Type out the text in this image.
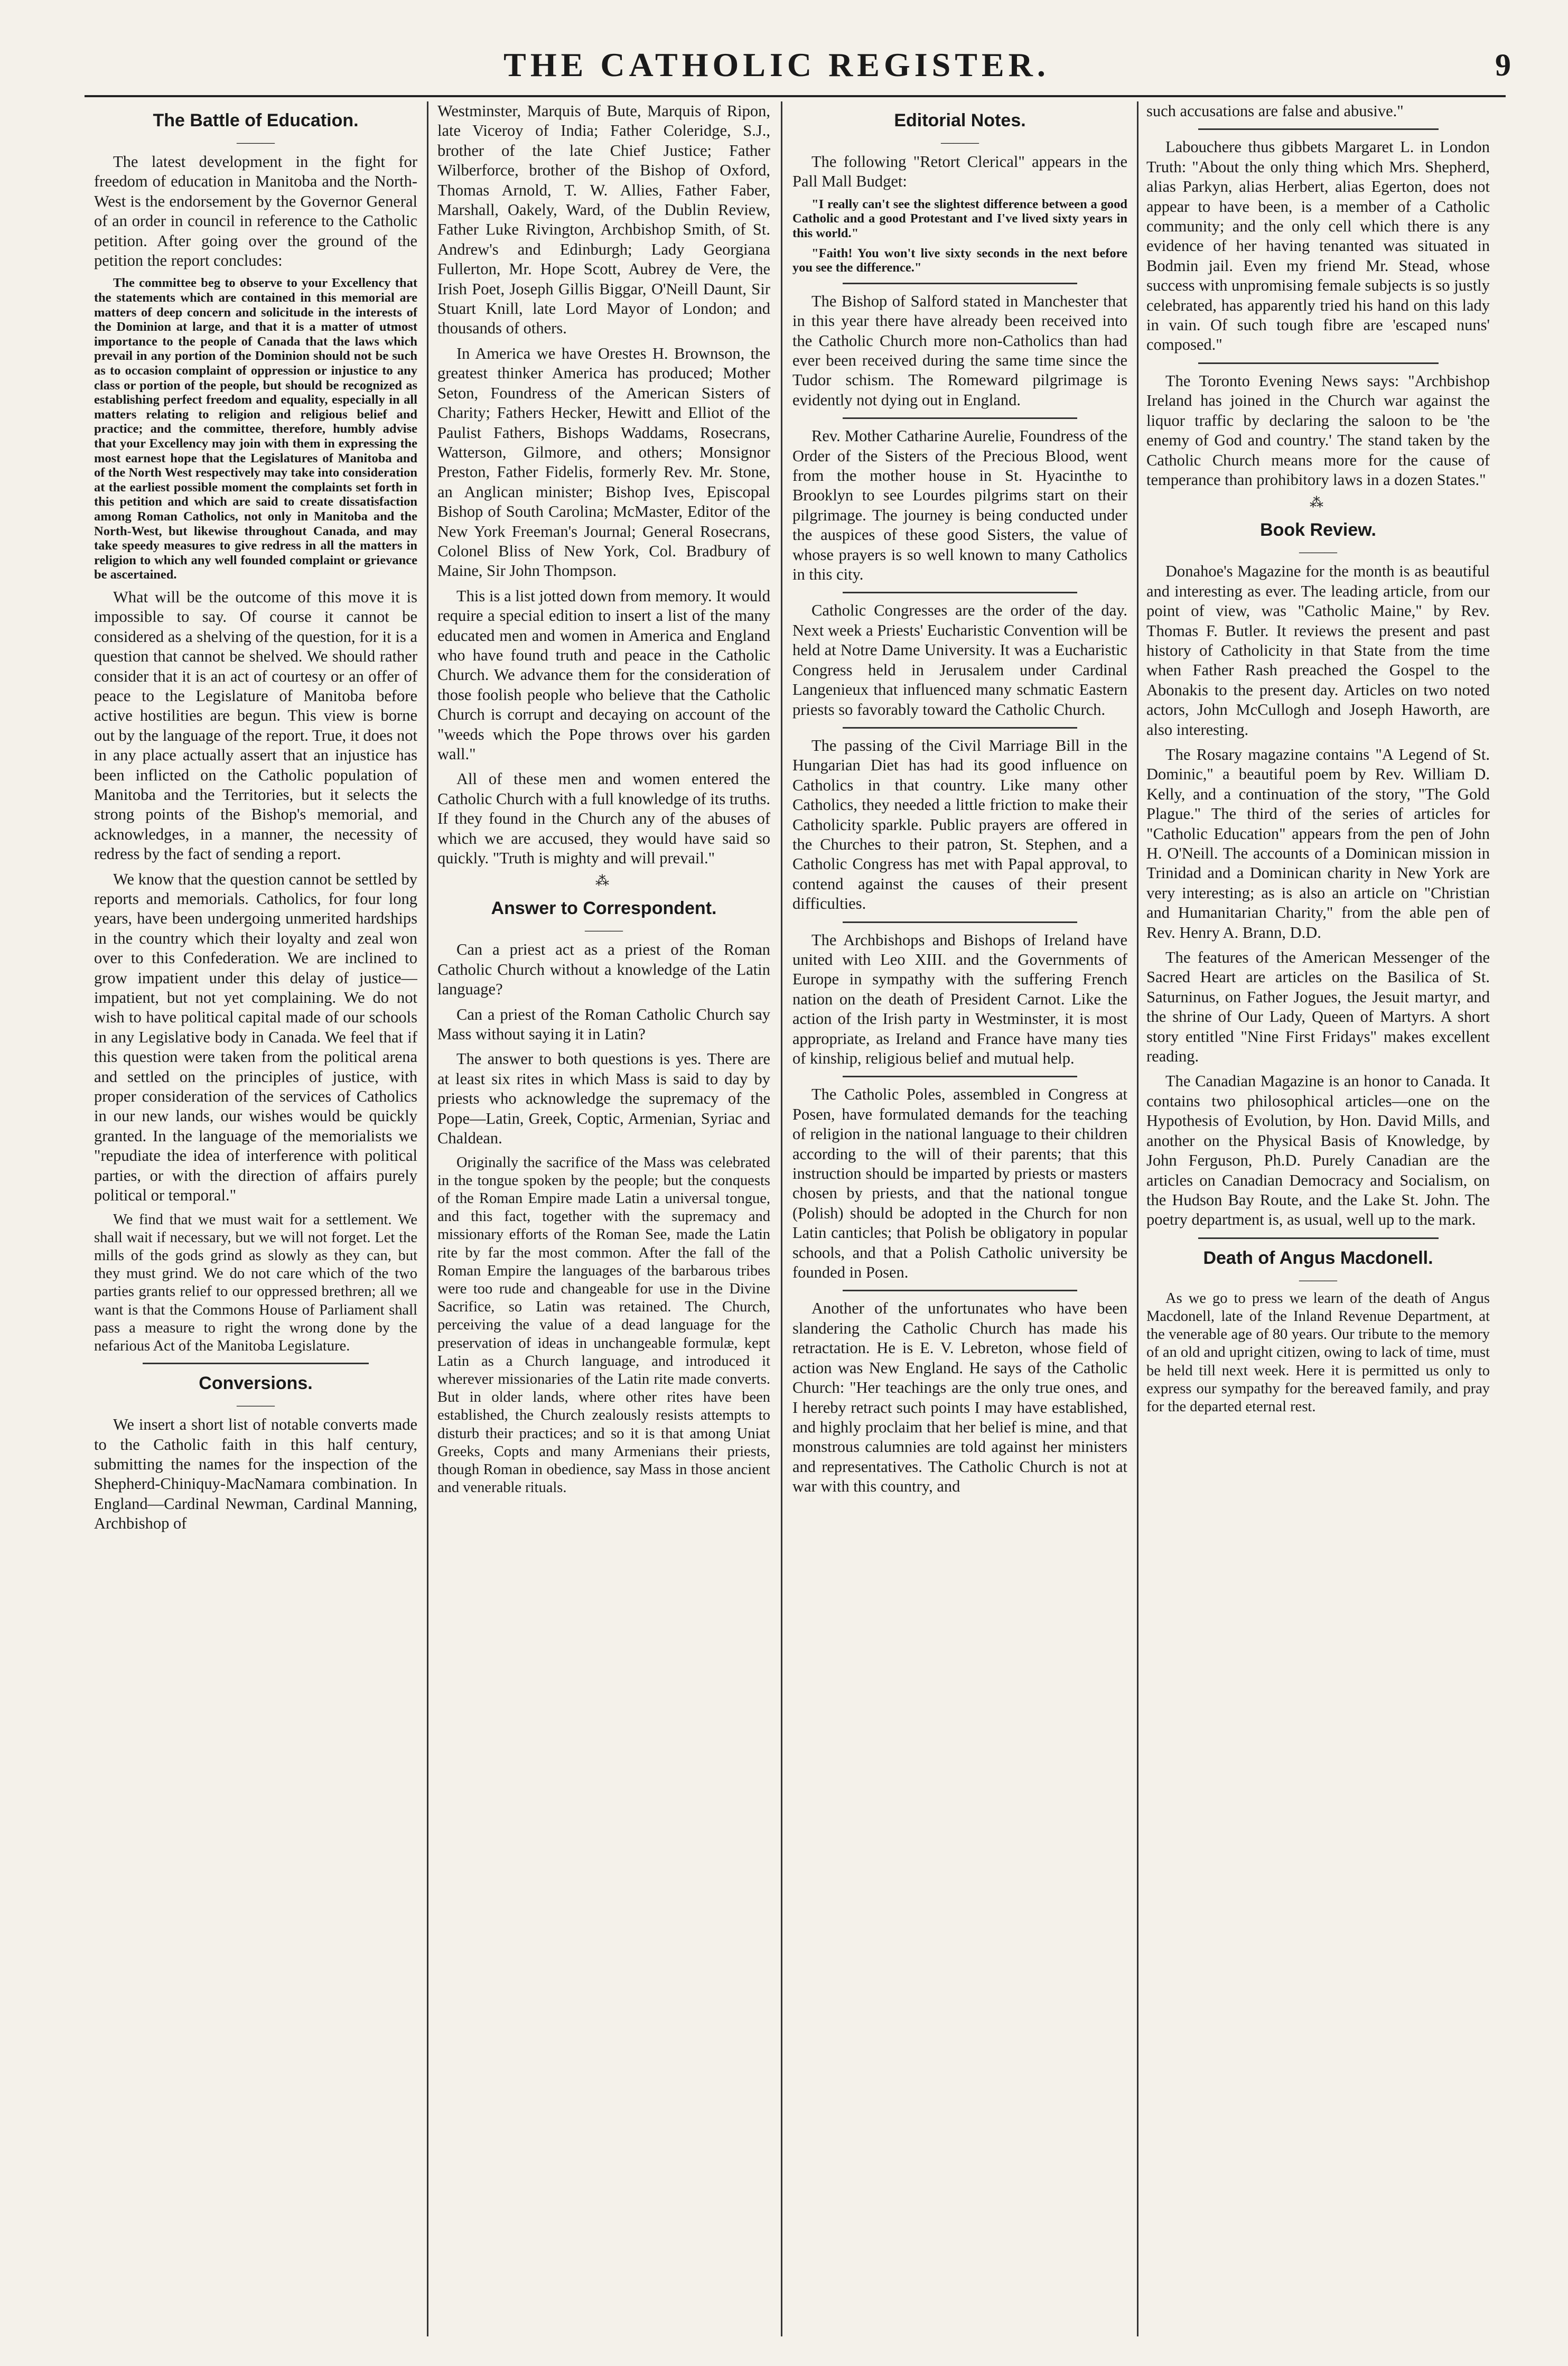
THE CATHOLIC REGISTER.	9
The Battle of Education.
———

The latest development in the fight for freedom of education in Manitoba and the North-West is the endorsement by the Governor General of an order in council in reference to the Catholic petition. After going over the ground of the petition the report concludes:

The committee beg to observe to your Excellency that the statements which are contained in this memorial are matters of deep concern and solicitude in the interests of the Dominion at large, and that it is a matter of utmost importance to the people of Canada that the laws which prevail in any portion of the Dominion should not be such as to occasion complaint of oppression or injustice to any class or portion of the people, but should be recognized as establishing perfect freedom and equality, especially in all matters relating to religion and religious belief and practice; and the committee, therefore, humbly advise that your Excellency may join with them in expressing the most earnest hope that the Legislatures of Manitoba and of the North West respectively may take into consideration at the earliest possible moment the complaints set forth in this petition and which are said to create dissatisfaction among Roman Catholics, not only in Manitoba and the North-West, but likewise throughout Canada, and may take speedy measures to give redress in all the matters in religion to which any well founded complaint or grievance be ascertained.

What will be the outcome of this move it is impossible to say. Of course it cannot be considered as a shelving of the question, for it is a question that cannot be shelved. We should rather consider that it is an act of courtesy or an offer of peace to the Legislature of Manitoba before active hostilities are begun. This view is borne out by the language of the report. True, it does not in any place actually assert that an injustice has been inflicted on the Catholic population of Manitoba and the Territories, but it selects the strong points of the Bishop's memorial, and acknowledges, in a manner, the necessity of redress by the fact of sending a report.

We know that the question cannot be settled by reports and memorials. Catholics, for four long years, have been undergoing unmerited hardships in the country which their loyalty and zeal won over to this Confederation. We are inclined to grow impatient under this delay of justice—impatient, but not yet complaining. We do not wish to have political capital made of our schools in any Legislative body in Canada. We feel that if this question were taken from the political arena and settled on the principles of justice, with proper consideration of the services of Catholics in our new lands, our wishes would be quickly granted. In the language of the memorialists we "repudiate the idea of interference with political parties, or with the direction of affairs purely political or temporal."

We find that we must wait for a settlement. We shall wait if necessary, but we will not forget. Let the mills of the gods grind as slowly as they can, but they must grind. We do not care which of the two parties grants relief to our oppressed brethren; all we want is that the Commons House of Parliament shall pass a measure to right the wrong done by the nefarious Act of the Manitoba Legislature.

Conversions.
———

We insert a short list of notable converts made to the Catholic faith in this half century, submitting the names for the inspection of the Shepherd-Chiniquy-MacNamara combination. In England—Cardinal Newman, Cardinal Manning, Archbishop of

Westminster, Marquis of Bute, Marquis of Ripon, late Viceroy of India; Father Coleridge, S.J., brother of the late Chief Justice; Father Wilberforce, brother of the Bishop of Oxford, Thomas Arnold, T. W. Allies, Father Faber, Marshall, Oakely, Ward, of the Dublin Review, Father Luke Rivington, Archbishop Smith, of St. Andrew's and Edinburgh; Lady Georgiana Fullerton, Mr. Hope Scott, Aubrey de Vere, the Irish Poet, Joseph Gillis Biggar, O'Neill Daunt, Sir Stuart Knill, late Lord Mayor of London; and thousands of others.

In America we have Orestes H. Brownson, the greatest thinker America has produced; Mother Seton, Foundress of the American Sisters of Charity; Fathers Hecker, Hewitt and Elliot of the Paulist Fathers, Bishops Waddams, Rosecrans, Watterson, Gilmore, and others; Monsignor Preston, Father Fidelis, formerly Rev. Mr. Stone, an Anglican minister; Bishop Ives, Episcopal Bishop of South Carolina; McMaster, Editor of the New York Freeman's Journal; General Rosecrans, Colonel Bliss of New York, Col. Bradbury of Maine, Sir John Thompson.

This is a list jotted down from memory. It would require a special edition to insert a list of the many educated men and women in America and England who have found truth and peace in the Catholic Church. We advance them for the consideration of those foolish people who believe that the Catholic Church is corrupt and decaying on account of the "weeds which the Pope throws over his garden wall."

All of these men and women entered the Catholic Church with a full knowledge of its truths. If they found in the Church any of the abuses of which we are accused, they would have said so quickly. "Truth is mighty and will prevail."

⁂
Answer to Correspondent.
———

Can a priest act as a priest of the Roman Catholic Church without a knowledge of the Latin language?

Can a priest of the Roman Catholic Church say Mass without saying it in Latin?

The answer to both questions is yes. There are at least six rites in which Mass is said to day by priests who acknowledge the supremacy of the Pope—Latin, Greek, Coptic, Armenian, Syriac and Chaldean.

Originally the sacrifice of the Mass was celebrated in the tongue spoken by the people; but the conquests of the Roman Empire made Latin a universal tongue, and this fact, together with the supremacy and missionary efforts of the Roman See, made the Latin rite by far the most common. After the fall of the Roman Empire the languages of the barbarous tribes were too rude and changeable for use in the Divine Sacrifice, so Latin was retained. The Church, perceiving the value of a dead language for the preservation of ideas in unchangeable formulæ, kept Latin as a Church language, and introduced it wherever missionaries of the Latin rite made converts. But in older lands, where other rites have been established, the Church zealously resists attempts to disturb their practices; and so it is that among Uniat Greeks, Copts and many Armenians their priests, though Roman in obedience, say Mass in those ancient and venerable rituals.

Editorial Notes.
———

The following "Retort Clerical" appears in the Pall Mall Budget:

"I really can't see the slightest difference between a good Catholic and a good Protestant and I've lived sixty years in this world."

"Faith! You won't live sixty seconds in the next before you see the difference."

The Bishop of Salford stated in Manchester that in this year there have already been received into the Catholic Church more non-Catholics than had ever been received during the same time since the Tudor schism. The Romeward pilgrimage is evidently not dying out in England.

Rev. Mother Catharine Aurelie, Foundress of the Order of the Sisters of the Precious Blood, went from the mother house in St. Hyacinthe to Brooklyn to see Lourdes pilgrims start on their pilgrimage. The journey is being conducted under the auspices of these good Sisters, the value of whose prayers is so well known to many Catholics in this city.

Catholic Congresses are the order of the day. Next week a Priests' Eucharistic Convention will be held at Notre Dame University. It was a Eucharistic Congress held in Jerusalem under Cardinal Langenieux that influenced many schmatic Eastern priests so favorably toward the Catholic Church.

The passing of the Civil Marriage Bill in the Hungarian Diet has had its good influence on Catholics in that country. Like many other Catholics, they needed a little friction to make their Catholicity sparkle. Public prayers are offered in the Churches to their patron, St. Stephen, and a Catholic Congress has met with Papal approval, to contend against the causes of their present difficulties.

The Archbishops and Bishops of Ireland have united with Leo XIII. and the Governments of Europe in sympathy with the suffering French nation on the death of President Carnot. Like the action of the Irish party in Westminster, it is most appropriate, as Ireland and France have many ties of kinship, religious belief and mutual help.

The Catholic Poles, assembled in Congress at Posen, have formulated demands for the teaching of religion in the national language to their children according to the will of their parents; that this instruction should be imparted by priests or masters chosen by priests, and that the national tongue (Polish) should be adopted in the Church for non Latin canticles; that Polish be obligatory in popular schools, and that a Polish Catholic university be founded in Posen.

Another of the unfortunates who have been slandering the Catholic Church has made his retractation. He is E. V. Lebreton, whose field of action was New England. He says of the Catholic Church: "Her teachings are the only true ones, and I hereby retract such points I may have established, and highly proclaim that her belief is mine, and that monstrous calumnies are told against her ministers and representatives. The Catholic Church is not at war with this country, and

such accusations are false and abusive."

Labouchere thus gibbets Margaret L. in London Truth: "About the only thing which Mrs. Shepherd, alias Parkyn, alias Herbert, alias Egerton, does not appear to have been, is a member of a Catholic community; and the only cell which there is any evidence of her having tenanted was situated in Bodmin jail. Even my friend Mr. Stead, whose success with unpromising female subjects is so justly celebrated, has apparently tried his hand on this lady in vain. Of such tough fibre are 'escaped nuns' composed."

The Toronto Evening News says: "Archbishop Ireland has joined in the Church war against the liquor traffic by declaring the saloon to be 'the enemy of God and country.' The stand taken by the Catholic Church means more for the cause of temperance than prohibitory laws in a dozen States."

⁂
Book Review.
———

Donahoe's Magazine for the month is as beautiful and interesting as ever. The leading article, from our point of view, was "Catholic Maine," by Rev. Thomas F. Butler. It reviews the present and past history of Catholicity in that State from the time when Father Rash preached the Gospel to the Abonakis to the present day. Articles on two noted actors, John McCullogh and Joseph Haworth, are also interesting.

The Rosary magazine contains "A Legend of St. Dominic," a beautiful poem by Rev. William D. Kelly, and a continuation of the story, "The Gold Plague." The third of the series of articles for "Catholic Education" appears from the pen of John H. O'Neill. The accounts of a Dominican mission in Trinidad and a Dominican charity in New York are very interesting; as is also an article on "Christian and Humanitarian Charity," from the able pen of Rev. Henry A. Brann, D.D.

The features of the American Messenger of the Sacred Heart are articles on the Basilica of St. Saturninus, on Father Jogues, the Jesuit martyr, and the shrine of Our Lady, Queen of Martyrs. A short story entitled "Nine First Fridays" makes excellent reading.

The Canadian Magazine is an honor to Canada. It contains two philosophical articles—one on the Hypothesis of Evolution, by Hon. David Mills, and another on the Physical Basis of Knowledge, by John Ferguson, Ph.D. Purely Canadian are the articles on Canadian Democracy and Socialism, on the Hudson Bay Route, and the Lake St. John. The poetry department is, as usual, well up to the mark.

Death of Angus Macdonell.
———

As we go to press we learn of the death of Angus Macdonell, late of the Inland Revenue Department, at the venerable age of 80 years. Our tribute to the memory of an old and upright citizen, owing to lack of time, must be held till next week. Here it is permitted us only to express our sympathy for the bereaved family, and pray for the departed eternal rest.
